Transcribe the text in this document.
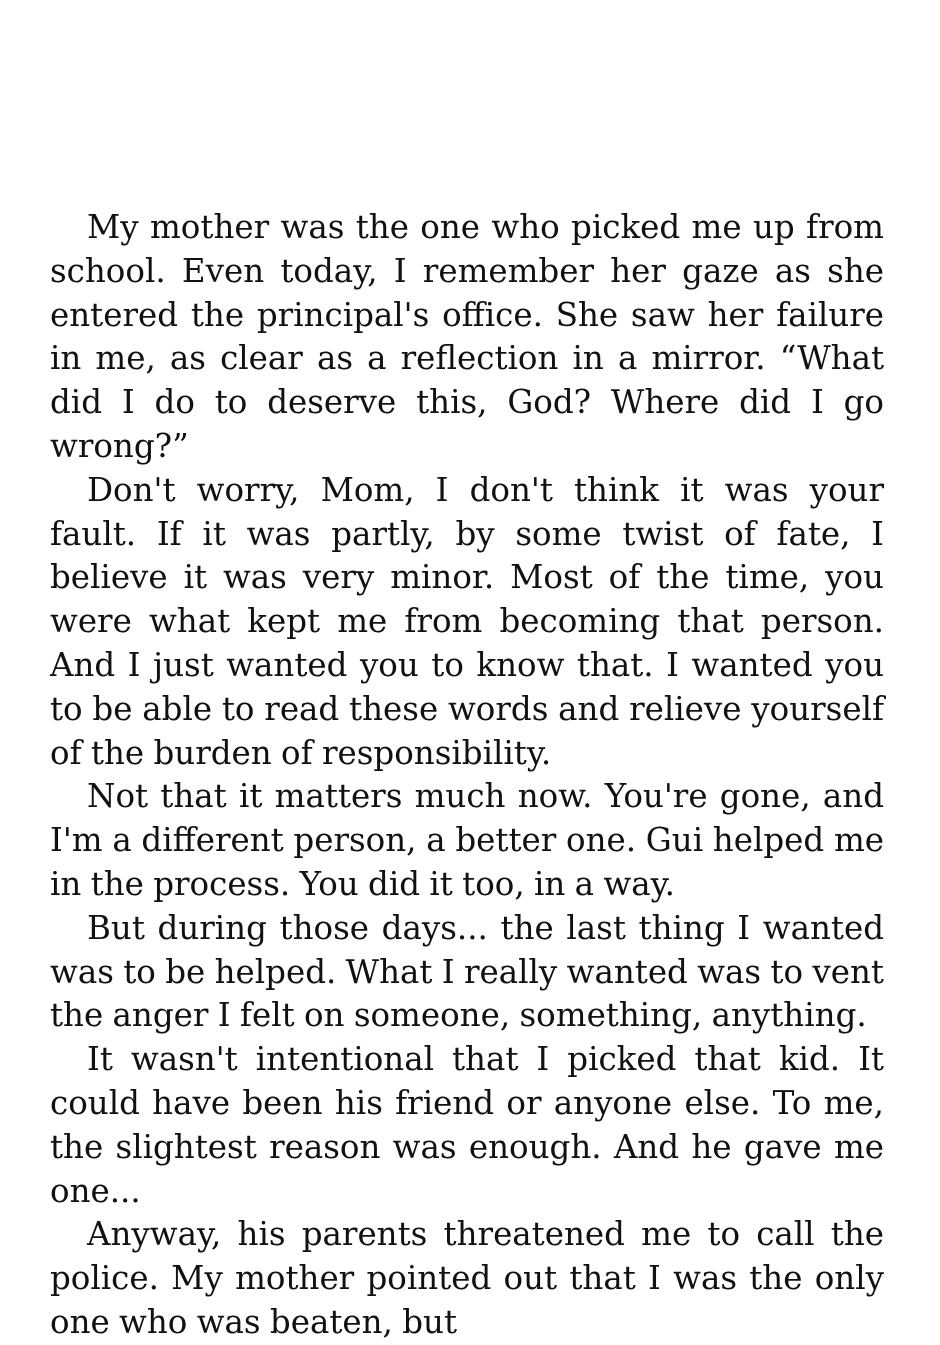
My mother was the one who picked me up from school. Even today, I remember her gaze as she entered the principal's office. She saw her failure in me, as clear as a reflection in a mirror. “What did I do to deserve this, God? Where did I go wrong?”

Don't worry, Mom, I don't think it was your fault. If it was partly, by some twist of fate, I believe it was very minor. Most of the time, you were what kept me from becoming that person. And I just wanted you to know that. I wanted you to be able to read these words and relieve yourself of the burden of responsibility.

Not that it matters much now. You're gone, and I'm a different person, a better one. Gui helped me in the process. You did it too, in a way.

But during those days... the last thing I wanted was to be helped. What I really wanted was to vent the anger I felt on someone, something, anything.

It wasn't intentional that I picked that kid. It could have been his friend or anyone else. To me, the slightest reason was enough. And he gave me one...

Anyway, his parents threatened me to call the police. My mother pointed out that I was the only one who was beaten, but
